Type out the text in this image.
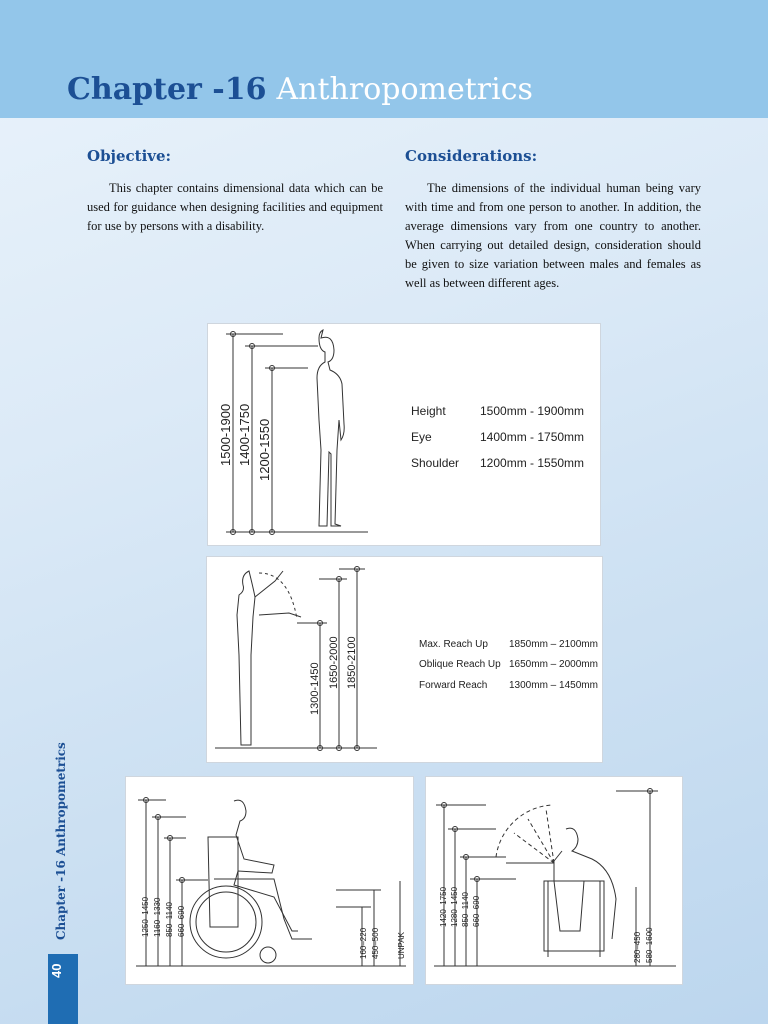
Chapter -16 Anthropometrics
Objective:

This chapter contains dimensional data which can be used for guidance when designing facilities and equipment for use by persons with a disability.

Considerations:

The dimensions of the individual human being vary with time and from one person to another. In addition, the average dimensions vary from one country to another. When carrying out detailed design, consideration should be given to size variation between males and females as well as between different ages.

1500-1900 1400-1750 1200-1550
Height	1500mm - 1900mm
Eye	1400mm - 1750mm
Shoulder 1200mm - 1550mm
1300-1450 1650-2000 1850-2100	Max. Reach Up 1850mm – 2100mm
Oblique Reach Up 1650mm – 2000mm
Forward Reach 1300mm – 1450mm
1250–1450 1160–1330 850–1140 660–690
160–220 450–500 UNPAK
1420–1750 1280–1450 850–1140 660–690
280–450 580–1600
Chapter -16 Anthropometrics
40
